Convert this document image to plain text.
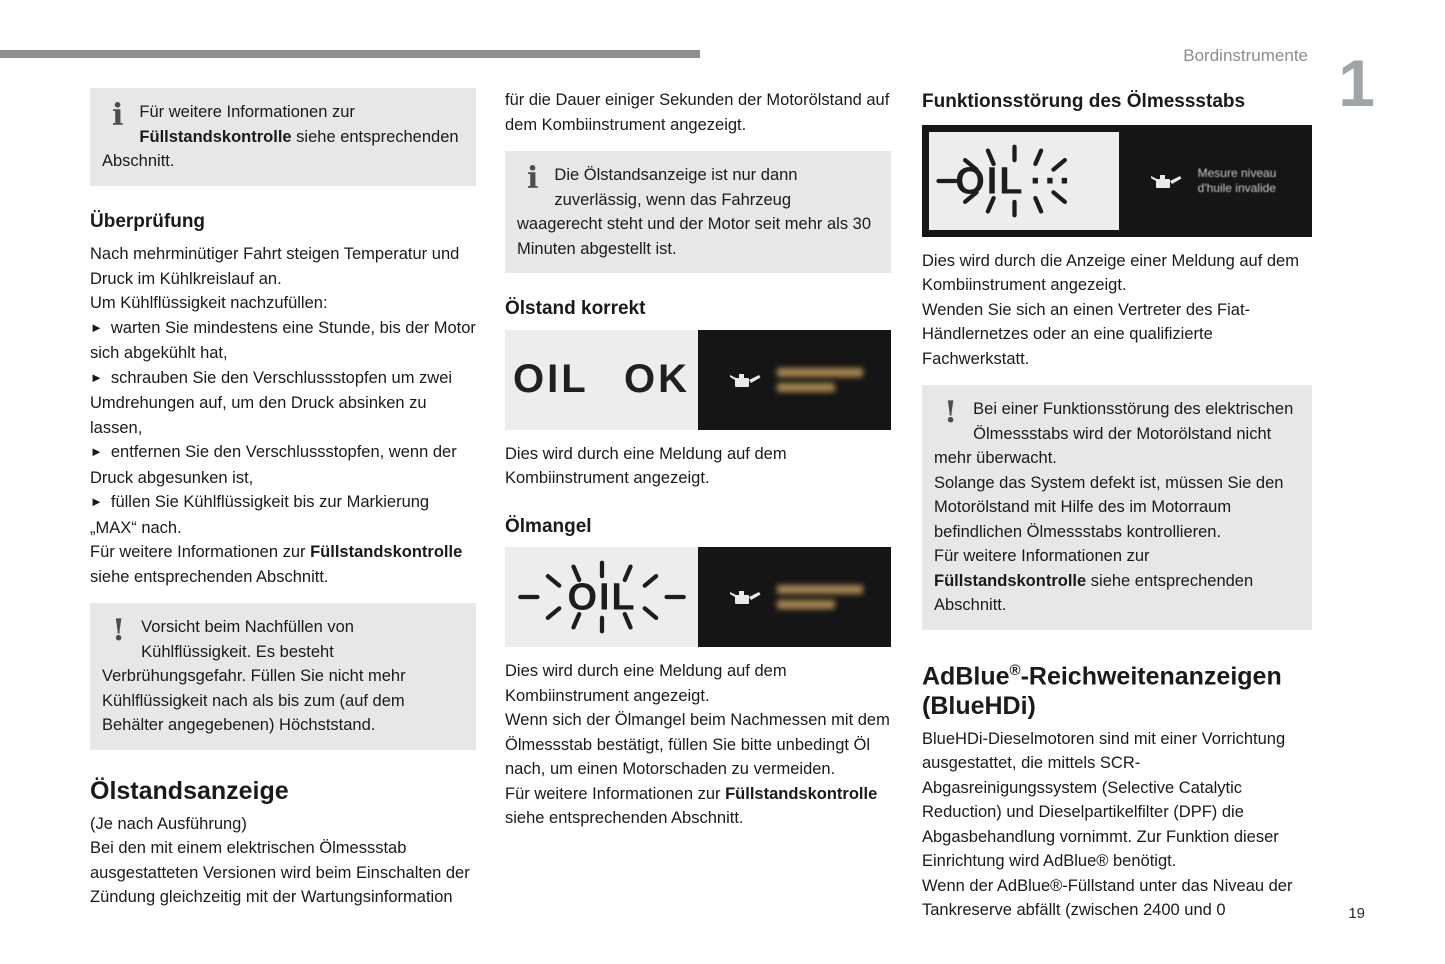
Bordinstrumente 1
i Für weitere Informationen zur Füllstandskontrolle siehe entsprechenden Abschnitt.
Überprüfung

Nach mehrminütiger Fahrt steigen Temperatur und Druck im Kühlkreislauf an.
Um Kühlflüssigkeit nachzufüllen:

► warten Sie mindestens eine Stunde, bis der Motor sich abgekühlt hat,

► schrauben Sie den Verschlussstopfen um zwei Umdrehungen auf, um den Druck absinken zu lassen,

► entfernen Sie den Verschlussstopfen, wenn der Druck abgesunken ist,

► füllen Sie Kühlflüssigkeit bis zur Markierung „MAX“ nach.

Für weitere Informationen zur Füllstandskontrolle siehe entsprechenden Abschnitt.

! Vorsicht beim Nachfüllen von Kühlflüssigkeit. Es besteht Verbrühungsgefahr. Füllen Sie nicht mehr Kühlflüssigkeit nach als bis zum (auf dem Behälter angegebenen) Höchststand.
Ölstandsanzeige

(Je nach Ausführung)
Bei den mit einem elektrischen Ölmessstab ausgestatteten Versionen wird beim Einschalten der Zündung gleichzeitig mit der Wartungsinformation

für die Dauer einiger Sekunden der Motorölstand auf dem Kombiinstrument angezeigt.

i Die Ölstandsanzeige ist nur dann zuverlässig, wenn das Fahrzeug waagerecht steht und der Motor seit mehr als 30 Minuten abgestellt ist.
Ölstand korrekt
OIL OK

Dies wird durch eine Meldung auf dem Kombiinstrument angezeigt.

Ölmangel
OIL

Dies wird durch eine Meldung auf dem Kombiinstrument angezeigt.
Wenn sich der Ölmangel beim Nachmessen mit dem Ölmessstab bestätigt, füllen Sie bitte unbedingt Öl nach, um einen Motorschaden zu vermeiden.

Für weitere Informationen zur Füllstandskontrolle siehe entsprechenden Abschnitt.

Funktionsstörung des Ölmessstabs
OIL ···	Mesure niveau
d'huile invalide

Dies wird durch die Anzeige einer Meldung auf dem Kombiinstrument angezeigt.
Wenden Sie sich an einen Vertreter des Fiat-Händlernetzes oder an eine qualifizierte Fachwerkstatt.

! Bei einer Funktionsstörung des elektrischen Ölmessstabs wird der Motorölstand nicht mehr überwacht.
Solange das System defekt ist, müssen Sie den Motorölstand mit Hilfe des im Motorraum befindlichen Ölmessstabs kontrollieren.
Für weitere Informationen zur Füllstandskontrolle siehe entsprechenden Abschnitt.
AdBlue®-Reichweitenanzeigen (BlueHDi)

BlueHDi-Dieselmotoren sind mit einer Vorrichtung ausgestattet, die mittels SCR-Abgasreinigungssystem (Selective Catalytic Reduction) und Dieselpartikelfilter (DPF) die Abgasbehandlung vornimmt. Zur Funktion dieser Einrichtung wird AdBlue® benötigt.
Wenn der AdBlue®-Füllstand unter das Niveau der Tankreserve abfällt (zwischen 2400 und 0	19
